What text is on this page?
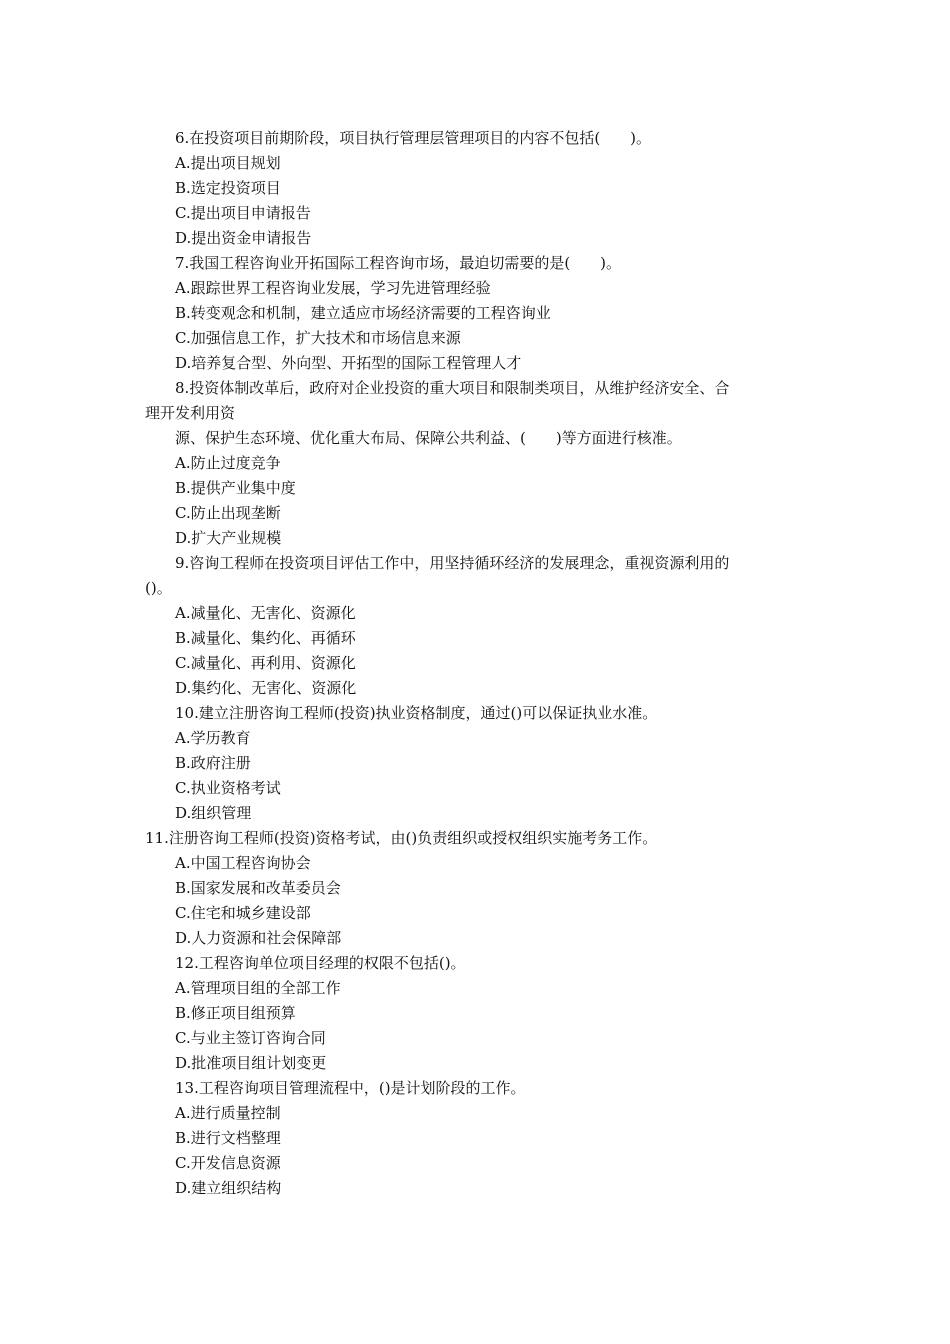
6.在投资项目前期阶段，项目执行管理层管理项目的内容不包括(　　)。
A.提出项目规划
B.选定投资项目
C.提出项目申请报告
D.提出资金申请报告
7.我国工程咨询业开拓国际工程咨询市场，最迫切需要的是(　　)。
A.跟踪世界工程咨询业发展，学习先进管理经验
B.转变观念和机制，建立适应市场经济需要的工程咨询业
C.加强信息工作，扩大技术和市场信息来源
D.培养复合型、外向型、开拓型的国际工程管理人才
8.投资体制改革后，政府对企业投资的重大项目和限制类项目，从维护经济安全、合
理开发利用资
源、保护生态环境、优化重大布局、保障公共利益、(　　)等方面进行核准。
A.防止过度竞争
B.提供产业集中度
C.防止出现垄断
D.扩大产业规模
9.咨询工程师在投资项目评估工作中，用坚持循环经济的发展理念，重视资源利用的
()。
A.减量化、无害化、资源化
B.减量化、集约化、再循环
C.减量化、再利用、资源化
D.集约化、无害化、资源化
10.建立注册咨询工程师(投资)执业资格制度，通过()可以保证执业水准。
A.学历教育
B.政府注册
C.执业资格考试
D.组织管理
11.注册咨询工程师(投资)资格考试，由()负责组织或授权组织实施考务工作。
A.中国工程咨询协会
B.国家发展和改革委员会
C.住宅和城乡建设部
D.人力资源和社会保障部
12.工程咨询单位项目经理的权限不包括()。
A.管理项目组的全部工作
B.修正项目组预算
C.与业主签订咨询合同
D.批准项目组计划变更
13.工程咨询项目管理流程中，()是计划阶段的工作。
A.进行质量控制
B.进行文档整理
C.开发信息资源
D.建立组织结构
